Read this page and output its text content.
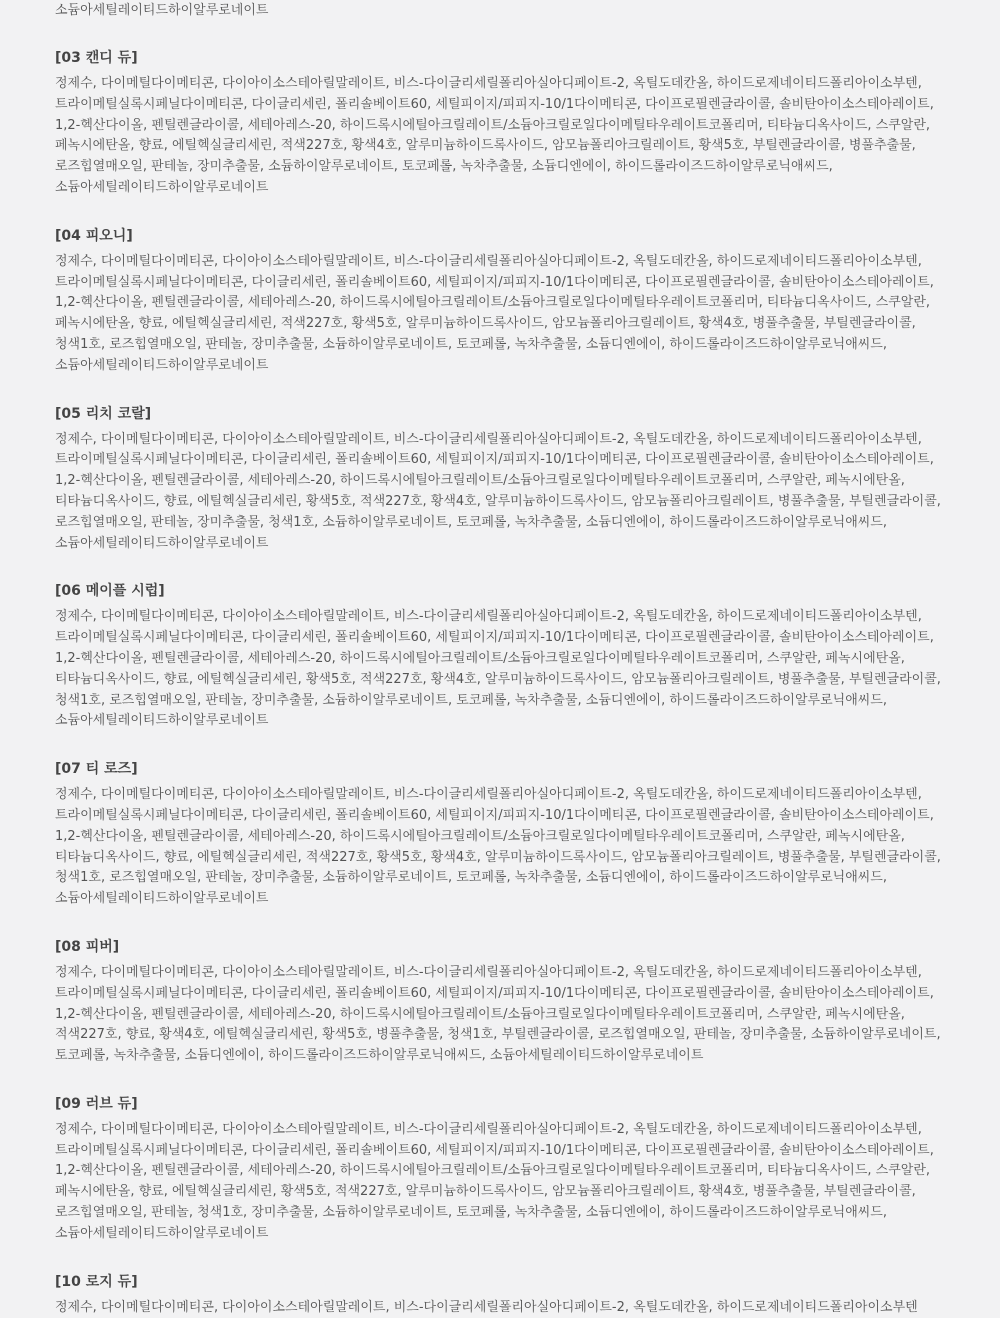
소듐아세틸레이티드하이알루로네이트

[03 캔디 듀]

정제수, 다이메틸다이메티콘, 다이아이소스테아릴말레이트, 비스-다이글리세릴폴리아실아디페이트-2, 옥틸도데칸올, 하이드로제네이티드폴리아이소부텐, 트라이메틸실록시페닐다이메티콘, 다이글리세린, 폴리솔베이트60, 세틸피이지/피피지-10/1다이메티콘, 다이프로필렌글라이콜, 솔비탄아이소스테아레이트, 1,2-헥산다이올, 펜틸렌글라이콜, 세테아레스-20, 하이드록시에틸아크릴레이트/소듐아크릴로일다이메틸타우레이트코폴리머, 티타늄디옥사이드, 스쿠알란, 페녹시에탄올, 향료, 에틸헥실글리세린, 적색227호, 황색4호, 알루미늄하이드록사이드, 암모늄폴리아크릴레이트, 황색5호, 부틸렌글라이콜, 병풀추출물, 로즈힙열매오일, 판테놀, 장미추출물, 소듐하이알루로네이트, 토코페롤, 녹차추출물, 소듐디엔에이, 하이드롤라이즈드하이알루로닉애씨드, 소듐아세틸레이티드하이알루로네이트

[04 피오니]

정제수, 다이메틸다이메티콘, 다이아이소스테아릴말레이트, 비스-다이글리세릴폴리아실아디페이트-2, 옥틸도데칸올, 하이드로제네이티드폴리아이소부텐, 트라이메틸실록시페닐다이메티콘, 다이글리세린, 폴리솔베이트60, 세틸피이지/피피지-10/1다이메티콘, 다이프로필렌글라이콜, 솔비탄아이소스테아레이트, 1,2-헥산다이올, 펜틸렌글라이콜, 세테아레스-20, 하이드록시에틸아크릴레이트/소듐아크릴로일다이메틸타우레이트코폴리머, 티타늄디옥사이드, 스쿠알란, 페녹시에탄올, 향료, 에틸헥실글리세린, 적색227호, 황색5호, 알루미늄하이드록사이드, 암모늄폴리아크릴레이트, 황색4호, 병풀추출물, 부틸렌글라이콜, 청색1호, 로즈힙열매오일, 판테놀, 장미추출물, 소듐하이알루로네이트, 토코페롤, 녹차추출물, 소듐디엔에이, 하이드롤라이즈드하이알루로닉애씨드, 소듐아세틸레이티드하이알루로네이트

[05 리치 코랄]

정제수, 다이메틸다이메티콘, 다이아이소스테아릴말레이트, 비스-다이글리세릴폴리아실아디페이트-2, 옥틸도데칸올, 하이드로제네이티드폴리아이소부텐, 트라이메틸실록시페닐다이메티콘, 다이글리세린, 폴리솔베이트60, 세틸피이지/피피지-10/1다이메티콘, 다이프로필렌글라이콜, 솔비탄아이소스테아레이트, 1,2-헥산다이올, 펜틸렌글라이콜, 세테아레스-20, 하이드록시에틸아크릴레이트/소듐아크릴로일다이메틸타우레이트코폴리머, 스쿠알란, 페녹시에탄올, 티타늄디옥사이드, 향료, 에틸헥실글리세린, 황색5호, 적색227호, 황색4호, 알루미늄하이드록사이드, 암모늄폴리아크릴레이트, 병풀추출물, 부틸렌글라이콜, 로즈힙열매오일, 판테놀, 장미추출물, 청색1호, 소듐하이알루로네이트, 토코페롤, 녹차추출물, 소듐디엔에이, 하이드롤라이즈드하이알루로닉애씨드, 소듐아세틸레이티드하이알루로네이트

[06 메이플 시럽]

정제수, 다이메틸다이메티콘, 다이아이소스테아릴말레이트, 비스-다이글리세릴폴리아실아디페이트-2, 옥틸도데칸올, 하이드로제네이티드폴리아이소부텐, 트라이메틸실록시페닐다이메티콘, 다이글리세린, 폴리솔베이트60, 세틸피이지/피피지-10/1다이메티콘, 다이프로필렌글라이콜, 솔비탄아이소스테아레이트, 1,2-헥산다이올, 펜틸렌글라이콜, 세테아레스-20, 하이드록시에틸아크릴레이트/소듐아크릴로일다이메틸타우레이트코폴리머, 스쿠알란, 페녹시에탄올, 티타늄디옥사이드, 향료, 에틸헥실글리세린, 황색5호, 적색227호, 황색4호, 알루미늄하이드록사이드, 암모늄폴리아크릴레이트, 병풀추출물, 부틸렌글라이콜, 청색1호, 로즈힙열매오일, 판테놀, 장미추출물, 소듐하이알루로네이트, 토코페롤, 녹차추출물, 소듐디엔에이, 하이드롤라이즈드하이알루로닉애씨드, 소듐아세틸레이티드하이알루로네이트

[07 티 로즈]

정제수, 다이메틸다이메티콘, 다이아이소스테아릴말레이트, 비스-다이글리세릴폴리아실아디페이트-2, 옥틸도데칸올, 하이드로제네이티드폴리아이소부텐, 트라이메틸실록시페닐다이메티콘, 다이글리세린, 폴리솔베이트60, 세틸피이지/피피지-10/1다이메티콘, 다이프로필렌글라이콜, 솔비탄아이소스테아레이트, 1,2-헥산다이올, 펜틸렌글라이콜, 세테아레스-20, 하이드록시에틸아크릴레이트/소듐아크릴로일다이메틸타우레이트코폴리머, 스쿠알란, 페녹시에탄올, 티타늄디옥사이드, 향료, 에틸헥실글리세린, 적색227호, 황색5호, 황색4호, 알루미늄하이드록사이드, 암모늄폴리아크릴레이트, 병풀추출물, 부틸렌글라이콜, 청색1호, 로즈힙열매오일, 판테놀, 장미추출물, 소듐하이알루로네이트, 토코페롤, 녹차추출물, 소듐디엔에이, 하이드롤라이즈드하이알루로닉애씨드, 소듐아세틸레이티드하이알루로네이트

[08 피버]

정제수, 다이메틸다이메티콘, 다이아이소스테아릴말레이트, 비스-다이글리세릴폴리아실아디페이트-2, 옥틸도데칸올, 하이드로제네이티드폴리아이소부텐, 트라이메틸실록시페닐다이메티콘, 다이글리세린, 폴리솔베이트60, 세틸피이지/피피지-10/1다이메티콘, 다이프로필렌글라이콜, 솔비탄아이소스테아레이트, 1,2-헥산다이올, 펜틸렌글라이콜, 세테아레스-20, 하이드록시에틸아크릴레이트/소듐아크릴로일다이메틸타우레이트코폴리머, 스쿠알란, 페녹시에탄올, 적색227호, 향료, 황색4호, 에틸헥실글리세린, 황색5호, 병풀추출물, 청색1호, 부틸렌글라이콜, 로즈힙열매오일, 판테놀, 장미추출물, 소듐하이알루로네이트, 토코페롤, 녹차추출물, 소듐디엔에이, 하이드롤라이즈드하이알루로닉애씨드, 소듐아세틸레이티드하이알루로네이트

[09 러브 듀]

정제수, 다이메틸다이메티콘, 다이아이소스테아릴말레이트, 비스-다이글리세릴폴리아실아디페이트-2, 옥틸도데칸올, 하이드로제네이티드폴리아이소부텐, 트라이메틸실록시페닐다이메티콘, 다이글리세린, 폴리솔베이트60, 세틸피이지/피피지-10/1다이메티콘, 다이프로필렌글라이콜, 솔비탄아이소스테아레이트, 1,2-헥산다이올, 펜틸렌글라이콜, 세테아레스-20, 하이드록시에틸아크릴레이트/소듐아크릴로일다이메틸타우레이트코폴리머, 티타늄디옥사이드, 스쿠알란, 페녹시에탄올, 향료, 에틸헥실글리세린, 황색5호, 적색227호, 알루미늄하이드록사이드, 암모늄폴리아크릴레이트, 황색4호, 병풀추출물, 부틸렌글라이콜, 로즈힙열매오일, 판테놀, 청색1호, 장미추출물, 소듐하이알루로네이트, 토코페롤, 녹차추출물, 소듐디엔에이, 하이드롤라이즈드하이알루로닉애씨드, 소듐아세틸레이티드하이알루로네이트

[10 로지 듀]

정제수, 다이메틸다이메티콘, 다이아이소스테아릴말레이트, 비스-다이글리세릴폴리아실아디페이트-2, 옥틸도데칸올, 하이드로제네이티드폴리아이소부텐
